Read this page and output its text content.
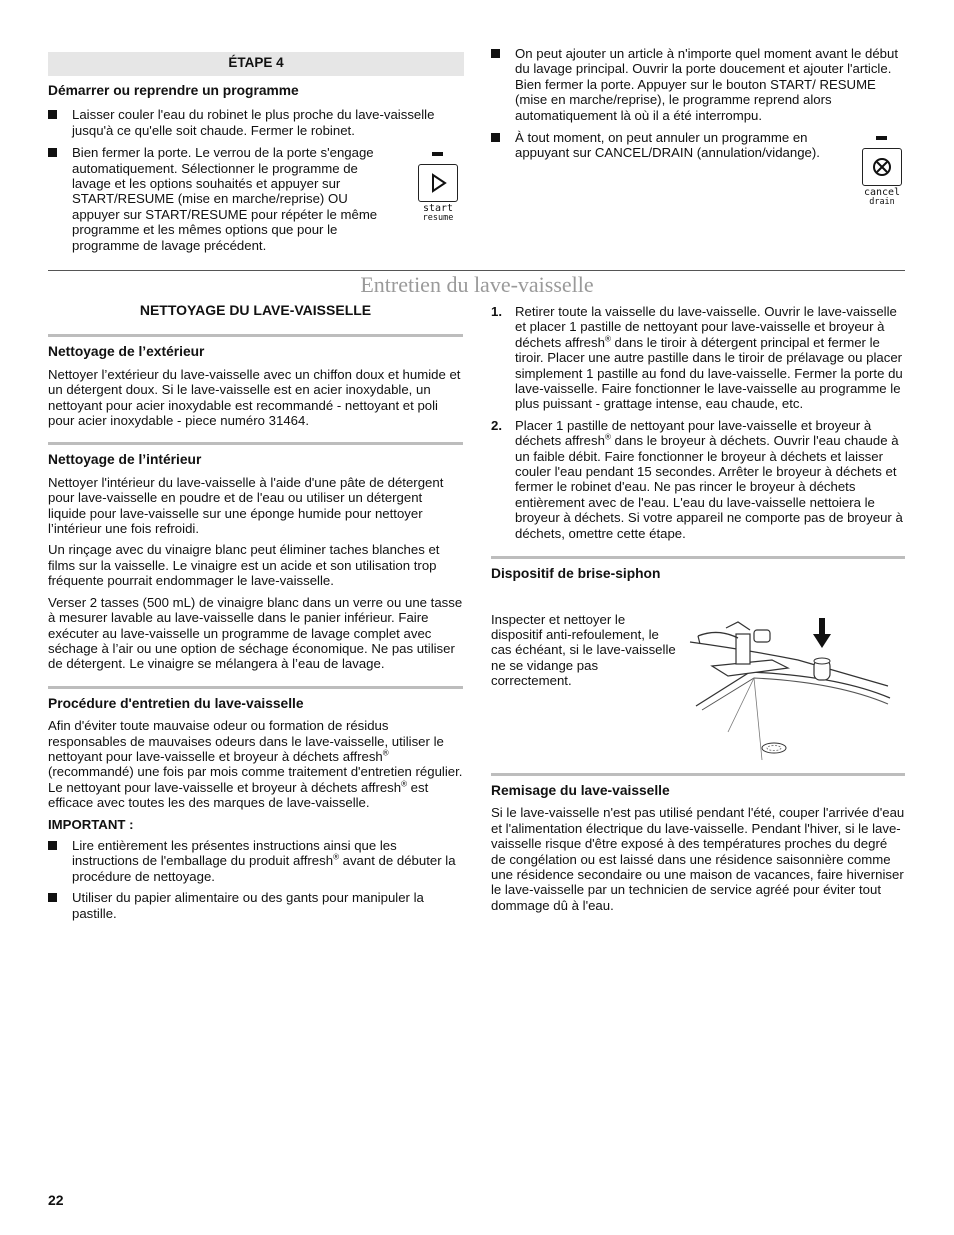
ÉTAPE 4

Démarrer ou reprendre un programme

Laisser couler l'eau du robinet le plus proche du lave-vaisselle jusqu'à ce qu'elle soit chaude. Fermer le robinet.

Bien fermer la porte. Le verrou de la porte s'engage automatiquement. Sélectionner le programme de lavage et les options souhaités et appuyer sur START/RESUME (mise en marche/reprise) OU appuyer sur START/RESUME pour répéter le même programme et les mêmes options que pour le programme de lavage précédent.

start
resume

On peut ajouter un article à n'importe quel moment avant le début du lavage principal. Ouvrir la porte doucement et ajouter l'article. Bien fermer la porte. Appuyer sur le bouton START/ RESUME (mise en marche/reprise), le programme reprend alors automatiquement là où il a été interrompu.

À tout moment, on peut annuler un programme en appuyant sur CANCEL/DRAIN (annulation/vidange).

cancel
drain
Entretien du lave-vaisselle

NETTOYAGE DU LAVE-VAISSELLE

Nettoyage de l’extérieur

Nettoyer l’extérieur du lave-vaisselle avec un chiffon doux et humide et un détergent doux. Si le lave-vaisselle est en acier inoxydable, un nettoyant pour acier inoxydable est recommandé - nettoyant et poli pour acier inoxydable - piece numéro 31464.

Nettoyage de l’intérieur

Nettoyer l'intérieur du lave-vaisselle à l'aide d'une pâte de détergent pour lave-vaisselle en poudre et de l'eau ou utiliser un détergent liquide pour lave-vaisselle sur une éponge humide pour nettoyer l’intérieur une fois refroidi.

Un rinçage avec du vinaigre blanc peut éliminer taches blanches et films sur la vaisselle. Le vinaigre est un acide et son utilisation trop fréquente pourrait endommager le lave-vaisselle.

Verser 2 tasses (500 mL) de vinaigre blanc dans un verre ou une tasse à mesurer lavable au lave-vaisselle dans le panier inférieur. Faire exécuter au lave-vaisselle un programme de lavage complet avec séchage à l’air ou une option de séchage économique. Ne pas utiliser de détergent. Le vinaigre se mélangera à l’eau de lavage.

Procédure d'entretien du lave-vaisselle

Afin d'éviter toute mauvaise odeur ou formation de résidus responsables de mauvaises odeurs dans le lave-vaisselle, utiliser le nettoyant pour lave-vaisselle et broyeur à déchets affresh® (recommandé) une fois par mois comme traitement d'entretien régulier. Le nettoyant pour lave-vaisselle et broyeur à déchets affresh® est efficace avec toutes les des marques de lave-vaisselle.

IMPORTANT :

Lire entièrement les présentes instructions ainsi que les instructions de l'emballage du produit affresh® avant de débuter la procédure de nettoyage.

Utiliser du papier alimentaire ou des gants pour manipuler la pastille.

1. Retirer toute la vaisselle du lave-vaisselle. Ouvrir le lave-vaisselle et placer 1 pastille de nettoyant pour lave-vaisselle et broyeur à déchets affresh® dans le tiroir à détergent principal et fermer le tiroir. Placer une autre pastille dans le tiroir de prélavage ou placer simplement 1 pastille au fond du lave-vaisselle. Fermer la porte du lave-vaisselle. Faire fonctionner le lave-vaisselle au programme le plus puissant - grattage intense, eau chaude, etc.

2. Placer 1 pastille de nettoyant pour lave-vaisselle et broyeur à déchets affresh® dans le broyeur à déchets. Ouvrir l'eau chaude à un faible débit. Faire fonctionner le broyeur à déchets et laisser couler l'eau pendant 15 secondes. Arrêter le broyeur à déchets et fermer le robinet d'eau. Ne pas rincer le broyeur à déchets entièrement avec de l'eau. L'eau du lave-vaisselle nettoiera le broyeur à déchets. Si votre appareil ne comporte pas de broyeur à déchets, omettre cette étape.

Dispositif de brise-siphon

Inspecter et nettoyer le dispositif anti-refoulement, le cas échéant, si le lave-vaisselle ne se vidange pas correctement.

Remisage du lave-vaisselle

Si le lave-vaisselle n'est pas utilisé pendant l'été, couper l'arrivée d'eau et l'alimentation électrique du lave-vaisselle. Pendant l'hiver, si le lave-vaisselle risque d'être exposé à des températures proches du degré de congélation ou est laissé dans une résidence saisonnière comme une résidence secondaire ou une maison de vacances, faire hiverniser le lave-vaisselle par un technicien de service agréé pour éviter tout dommage dû à l'eau.

22
